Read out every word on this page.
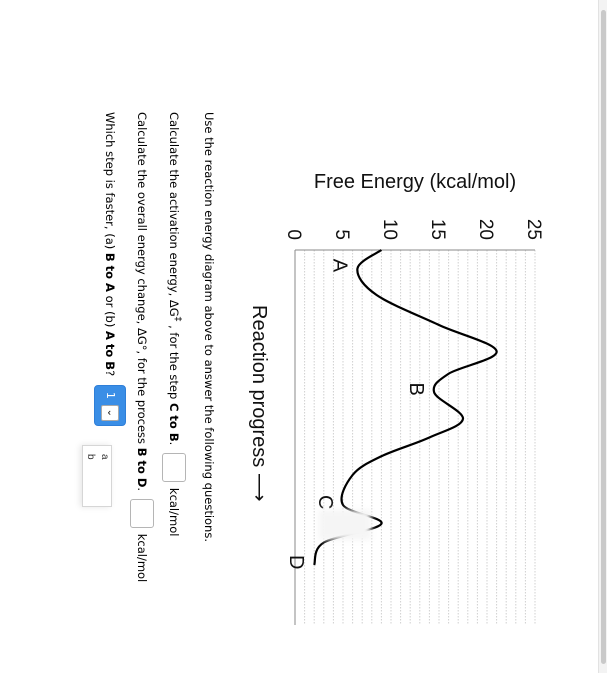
0 5 10 15 20 25
Free Energy (kcal/mol)
Reaction progress ⟶
A
B
C
D
Use the reaction energy diagram above to answer the following questions.
Calculate the activation energy, ΔG‡ , for the step C to B. kcal/mol
Calculate the overall energy change, ΔG°, for the process B to D. kcal/mol
Which step is faster, (a) B to A or (b) A to B?
1
⌄
a
b
